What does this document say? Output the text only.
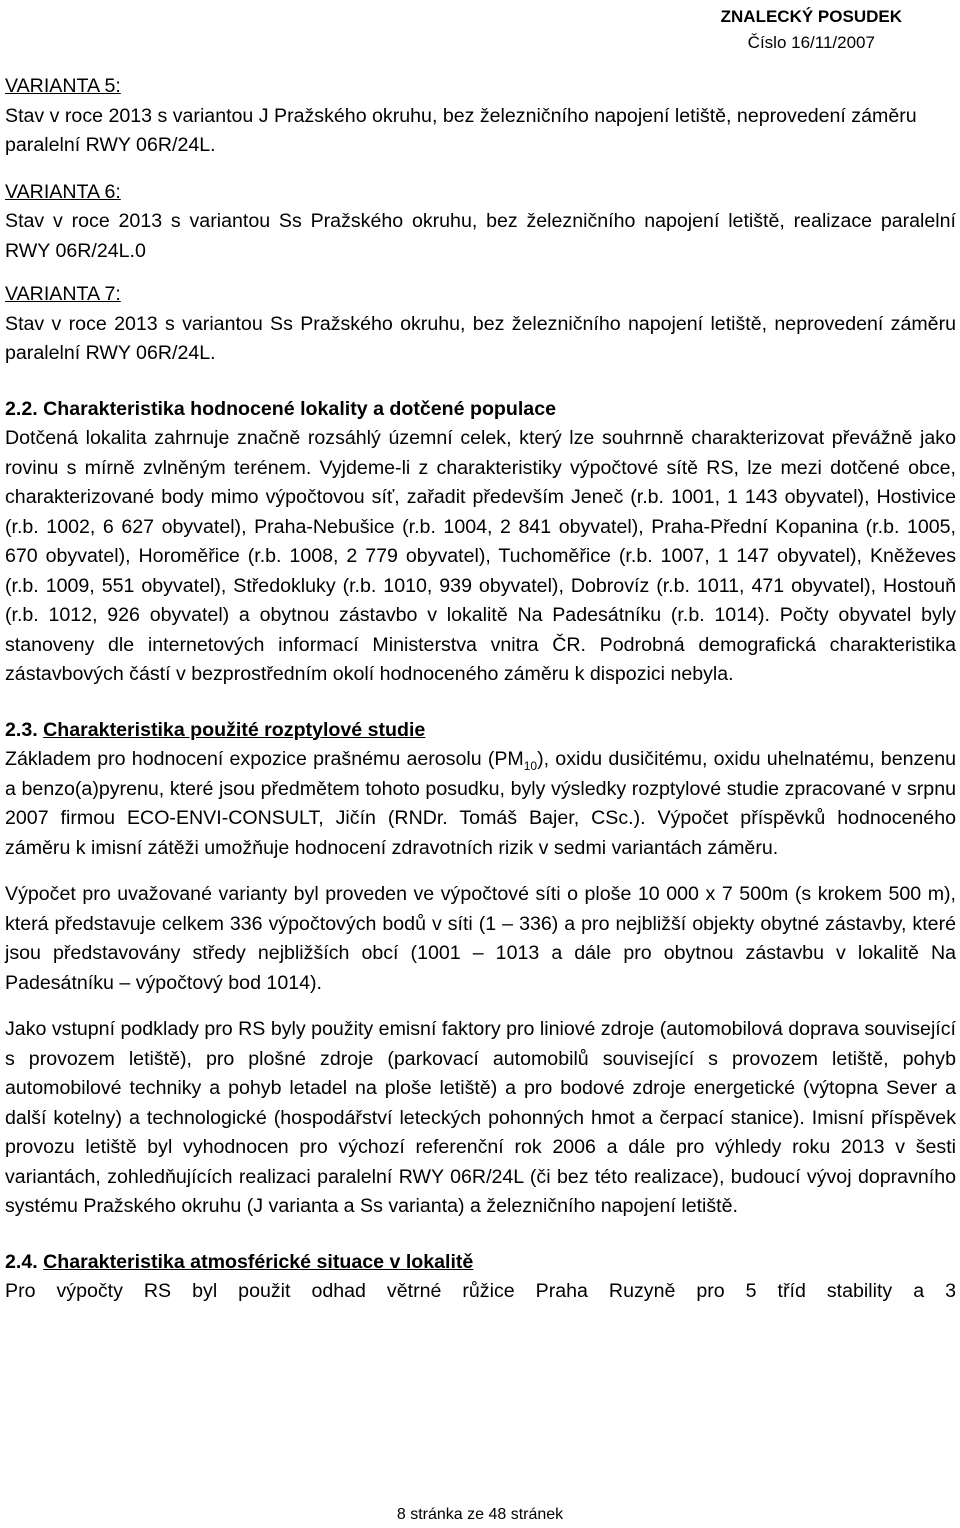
ZNALECKÝ POSUDEK
Číslo 16/11/2007

VARIANTA 5:

Stav v roce 2013 s variantou J Pražského okruhu, bez železničního napojení letiště, neprovedení záměru paralelní RWY 06R/24L.

VARIANTA 6:

Stav v roce 2013 s variantou Ss Pražského okruhu, bez železničního napojení letiště, realizace paralelní RWY 06R/24L.0

VARIANTA 7:

Stav v roce 2013 s variantou Ss Pražského okruhu, bez železničního napojení letiště, neprovedení záměru paralelní RWY 06R/24L.

2.2. Charakteristika hodnocené lokality a dotčené populace

Dotčená lokalita zahrnuje značně rozsáhlý územní celek, který lze souhrnně charakterizovat převážně jako rovinu s mírně zvlněným terénem. Vyjdeme-li z charakteristiky výpočtové sítě RS, lze mezi dotčené obce, charakterizované body mimo výpočtovou síť, zařadit především Jeneč (r.b. 1001, 1 143 obyvatel), Hostivice (r.b. 1002, 6 627 obyvatel), Praha-Nebušice (r.b. 1004, 2 841 obyvatel), Praha-Přední Kopanina (r.b. 1005, 670 obyvatel), Horoměřice (r.b. 1008, 2 779 obyvatel), Tuchoměřice (r.b. 1007, 1 147 obyvatel), Kněževes (r.b. 1009, 551 obyvatel), Středokluky (r.b. 1010, 939 obyvatel), Dobrovíz (r.b. 1011, 471 obyvatel), Hostouň (r.b. 1012, 926 obyvatel) a obytnou zástavbo v lokalitě Na Padesátníku (r.b. 1014). Počty obyvatel byly stanoveny dle internetových informací Ministerstva vnitra ČR. Podrobná demografická charakteristika zástavbových částí v bezprostředním okolí hodnoceného záměru k dispozici nebyla.

2.3. Charakteristika použité rozptylové studie

Základem pro hodnocení expozice prašnému aerosolu $(PM_{10})$, oxidu dusičitému, oxidu uhelnatému, benzenu a benzo(a)pyrenu, které jsou předmětem tohoto posudku, byly výsledky rozptylové studie zpracované v srpnu 2007 firmou ECO-ENVI-CONSULT, Jičín (RNDr. Tomáš Bajer, CSc.). Výpočet příspěvků hodnoceného záměru k imisní zátěži umožňuje hodnocení zdravotních rizik v sedmi variantách záměru.

Výpočet pro uvažované varianty byl proveden ve výpočtové síti o ploše 10 000 x 7 500m (s krokem 500 m), která představuje celkem 336 výpočtových bodů v síti (1 – 336) a pro nejbližší objekty obytné zástavby, které jsou představovány středy nejbližších obcí (1001 – 1013 a dále pro obytnou zástavbu v lokalitě Na Padesátníku – výpočtový bod 1014).

Jako vstupní podklady pro RS byly použity emisní faktory pro liniové zdroje (automobilová doprava související s provozem letiště), pro plošné zdroje (parkovací automobilů související s provozem letiště, pohyb automobilové techniky a pohyb letadel na ploše letiště) a pro bodové zdroje energetické (výtopna Sever a další kotelny) a technologické (hospodářství leteckých pohonných hmot a čerpací stanice). Imisní příspěvek provozu letiště byl vyhodnocen pro výchozí referenční rok 2006 a dále pro výhledy roku 2013 v šesti variantách, zohledňujících realizaci paralelní RWY 06R/24L (či bez této realizace), budoucí vývoj dopravního systému Pražského okruhu (J varianta a Ss varianta) a železničního napojení letiště.

2.4. Charakteristika atmosférické situace v lokalitě

Pro výpočty RS byl použit odhad větrné růžice Praha Ruzyně pro 5 tříd stability a 3

8 stránka ze 48 stránek
